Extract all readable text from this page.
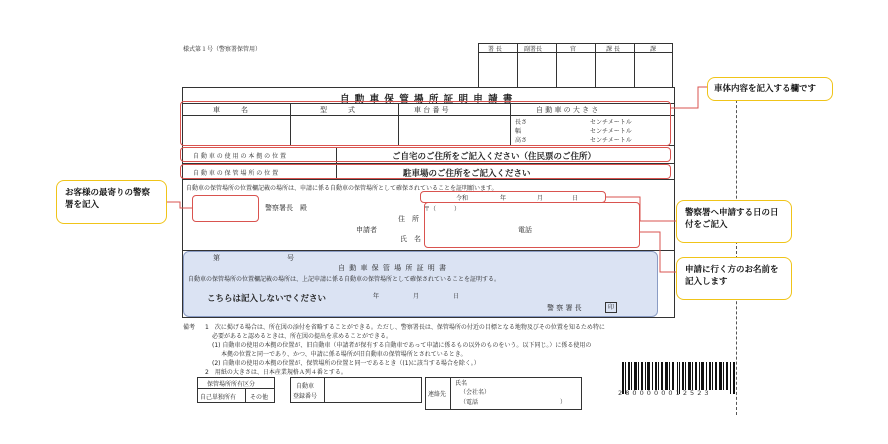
様式第１号（警察署保管用）	署 長	副署長	官	課 長	課
自 動 車 保 管 場 所 証 明 申 請 書
車　　　名	型　　　式	車 台 番 号	自 動 車 の 大 き さ
長さ	センチメートル
幅	センチメートル
高さ	センチメートル
自 動 車 の 使 用 の 本 拠 の 位 置	ご自宅のご住所をご記入ください（住民票のご住所）
自 動 車 の 保 管 場 所 の 位 置	駐車場のご住所をご記入ください
自動車の保管場所の位置欄記載の場所は、申請に係る自動車の保管場所として確保されていることを証明願います。
令和	年	月	日
警察署長　殿	〒（　　　）
住　所
申請者
氏　名
電話
第	号
自 動 車 保 管 場 所 証 明 書
自動車の保管場所の位置欄記載の場所は、上記申請に係る自動車の保管場所として確保されていることを証明する。
こちらは記入しないでください	年	月	日
警 察 署 長	印
備考 1　次に掲げる場合は、所在図の添付を省略することができる。ただし、警察署長は、保管場所の付近の目標となる地物及びその位置を知るため特に
必要があると認めるときは、所在図の提出を求めることができる。
(1) 自動車の使用の本拠の位置が、旧自動車（申請者が保有する自動車であって申請に係るもの以外のものをいう。以下同じ。）に係る使用の
本拠の位置と同一であり、かつ、申請に係る場所が旧自動車の保管場所とされているとき。
(2) 自動車の使用の本拠の位置が、保管場所の位置と同一であるとき（(1)に該当する場合を除く。）
2　用紙の大きさは、日本産業規格Ａ列４番とする。
保管場所所有区分
自己単独所有 その他
自動車
登録番号	連絡先
氏名
（会社名）
（電話	）
2 8 0 0 0 0 0 0 1 2 5 2 3
車体内容を記入する欄です
お客様の最寄りの警察署を記入
警察署へ申請する日の日付をご記入
申請に行く方のお名前を記入します
